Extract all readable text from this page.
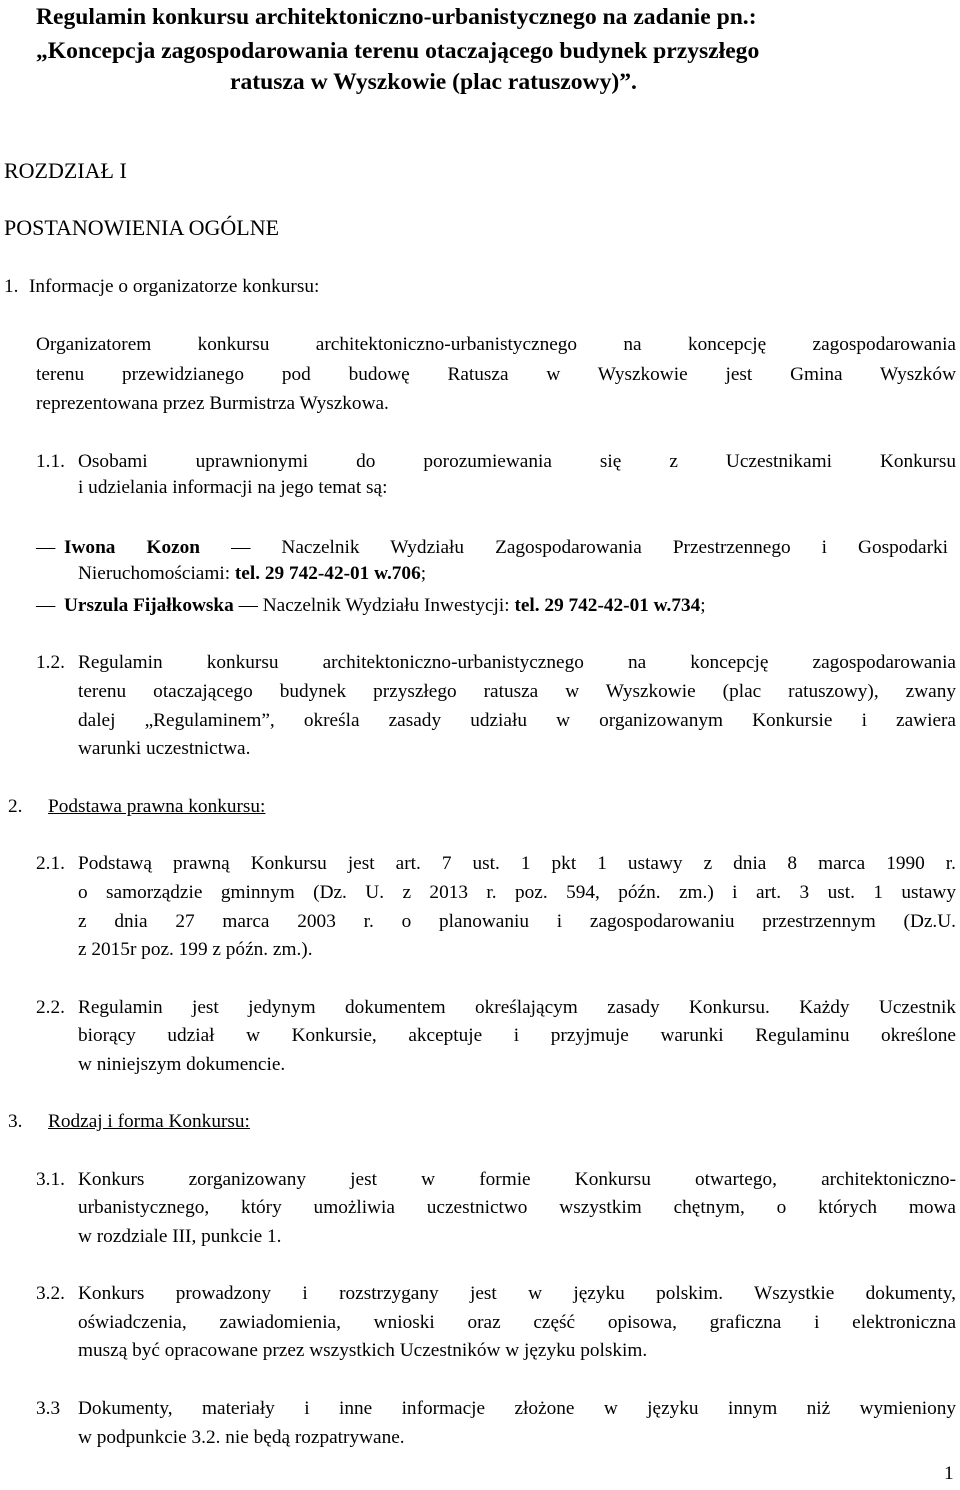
Regulamin konkursu architektoniczno-urbanistycznego na zadanie pn.:
„Koncepcja zagospodarowania terenu otaczającego budynek przyszłego
ratusza w Wyszkowie (plac ratuszowy)”.
ROZDZIAŁ I
POSTANOWIENIA OGÓLNE
1. Informacje o organizatorze konkursu:
Organizatorem konkursu architektoniczno-urbanistycznego na koncepcję zagospodarowania
terenu przewidzianego pod budowę Ratusza w Wyszkowie jest Gmina Wyszków
reprezentowana przez Burmistrza Wyszkowa.
1.1. Osobami uprawnionymi do porozumiewania się z Uczestnikami Konkursu
i udzielania informacji na jego temat są:
— Iwona Kozon — Naczelnik Wydziału Zagospodarowania Przestrzennego i Gospodarki
Nieruchomościami: tel. 29 742-42-01 w.706;
— Urszula Fijałkowska — Naczelnik Wydziału Inwestycji: tel. 29 742-42-01 w.734;
1.2. Regulamin konkursu architektoniczno-urbanistycznego na koncepcję zagospodarowania
terenu otaczającego budynek przyszłego ratusza w Wyszkowie (plac ratuszowy), zwany
dalej „Regulaminem”, określa zasady udziału w organizowanym Konkursie i zawiera
warunki uczestnictwa.
2. Podstawa prawna konkursu:
2.1. Podstawą prawną Konkursu jest art. 7 ust. 1 pkt 1 ustawy z dnia 8 marca 1990 r.
o samorządzie gminnym (Dz. U. z 2013 r. poz. 594, późn. zm.) i art. 3 ust. 1 ustawy
z dnia 27 marca 2003 r. o planowaniu i zagospodarowaniu przestrzennym (Dz.U.
z 2015r poz. 199 z późn. zm.).
2.2. Regulamin jest jedynym dokumentem określającym zasady Konkursu. Każdy Uczestnik
biorący udział w Konkursie, akceptuje i przyjmuje warunki Regulaminu określone
w niniejszym dokumencie.
3. Rodzaj i forma Konkursu:
3.1. Konkurs zorganizowany jest w formie Konkursu otwartego, architektoniczno-
urbanistycznego, który umożliwia uczestnictwo wszystkim chętnym, o których mowa
w rozdziale III, punkcie 1.
3.2. Konkurs prowadzony i rozstrzygany jest w języku polskim. Wszystkie dokumenty,
oświadczenia, zawiadomienia, wnioski oraz część opisowa, graficzna i elektroniczna
muszą być opracowane przez wszystkich Uczestników w języku polskim.
3.3 Dokumenty, materiały i inne informacje złożone w języku innym niż wymieniony
w podpunkcie 3.2. nie będą rozpatrywane.
1
